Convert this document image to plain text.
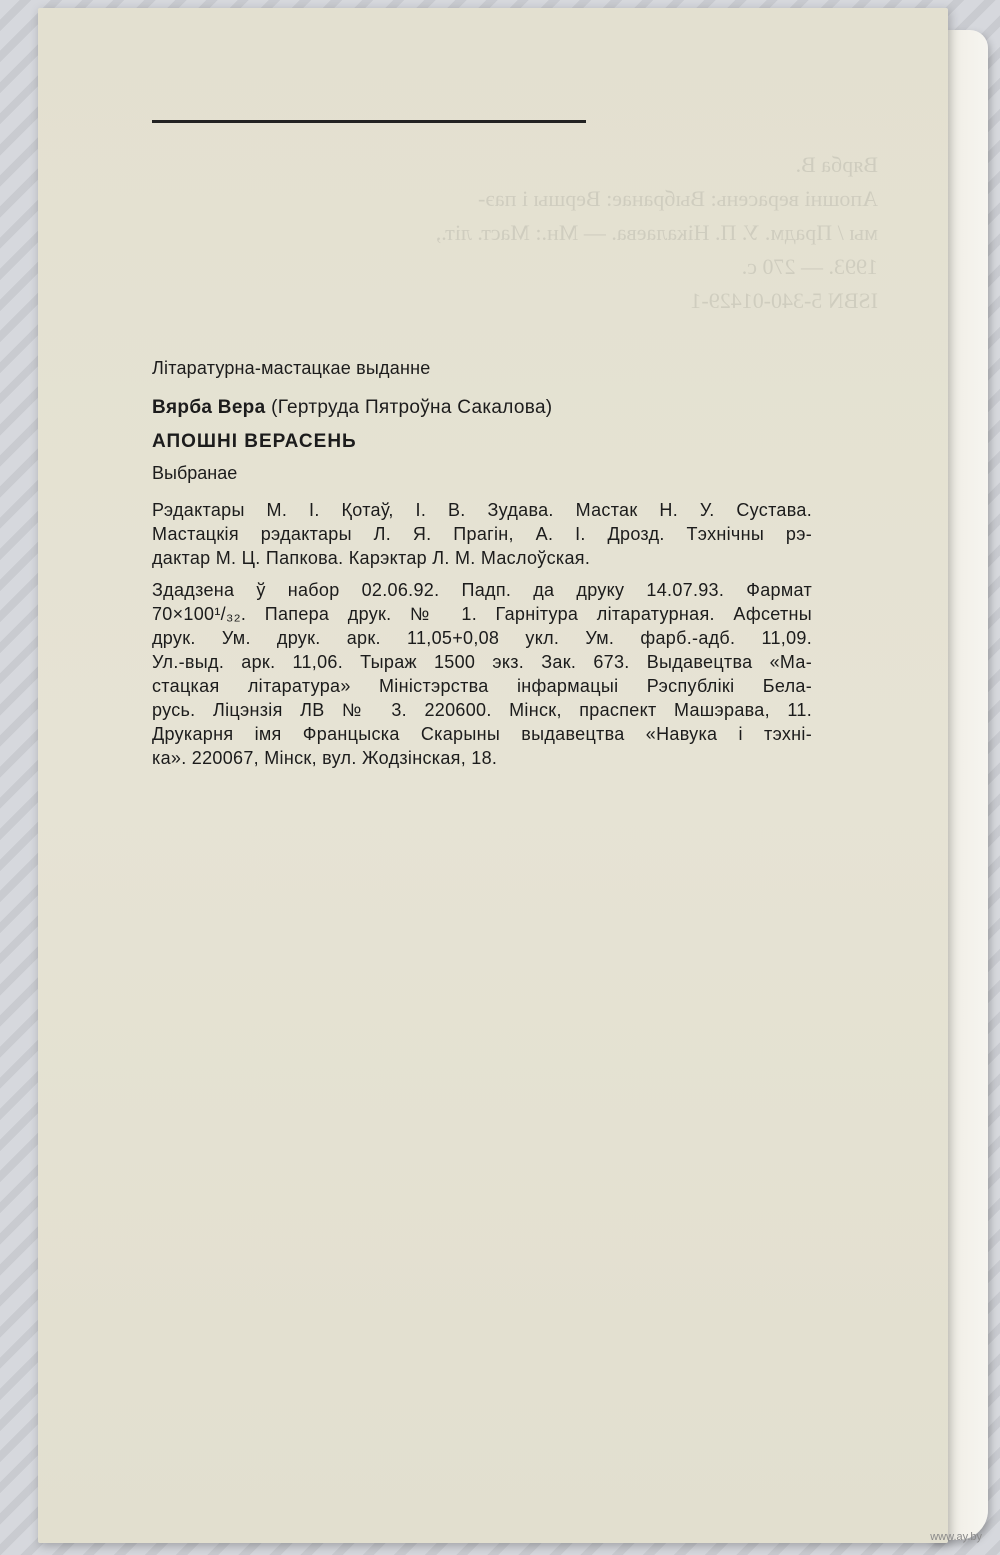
Вярба В.
Апошні верасень: Выбранае: Вершы і паэ-
мы / Прадм. У. П. Нікалаева. — Мн.: Маст. літ.,
1993. — 270 с.
ISBN 5-340-01429-1
Літаратурна-мастацкае выданне
Вярба Вера (Гертруда Пятроўна Сакалова)
АПОШНІ ВЕРАСЕНЬ
Выбранае
Рэдактары М. І. Қотаў, І. В. Зудава. Мастак Н. У. Сустава.
Мастацкія рэдактары Л. Я. Прагін, А. І. Дрозд. Тэхнічны рэ-
дактар М. Ц. Папкова. Карэктар Л. М. Маслоўская.
Здадзена ў набор 02.06.92. Падп. да друку 14.07.93. Фармат
70×100¹/₃₂. Папера друк. № 1. Гарнітура літаратурная. Афсетны
друк. Ум. друк. арк. 11,05+0,08 укл. Ум. фарб.-адб. 11,09.
Ул.-выд. арк. 11,06. Тыраж 1500 экз. Зак. 673. Выдавецтва «Ма-
стацкая літаратура» Міністэрства інфармацыі Рэспублікі Бела-
русь. Ліцэнзія ЛВ № 3. 220600. Мінск, праспект Машэрава, 11.
Друкарня імя Францыска Скарыны выдавецтва «Навука і тэхні-
ка». 220067, Мінск, вул. Жодзінская, 18.
www.ay.by
